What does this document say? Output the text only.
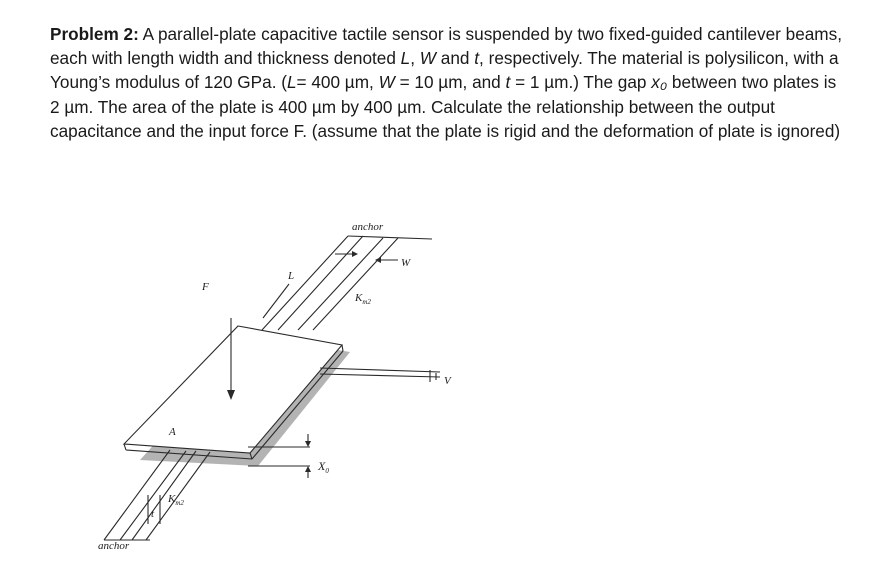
Problem 2: A parallel-plate capacitive tactile sensor is suspended by two fixed-guided cantilever beams, each with length width and thickness denoted L, W and t, respectively. The material is polysilicon, with a Young’s modulus of 120 GPa. (L= 400 µm, W = 10 µm, and t = 1 µm.) The gap x₀ between two plates is 2 µm. The area of the plate is 400 µm by 400 µm. Calculate the relationship between the output capacitance and the input force F. (assume that the plate is rigid and the deformation of plate is ignored)

anchor
anchor
W
L
F
$K_{m2}$
$K_{m2}$
A
t
$X_0$
V
